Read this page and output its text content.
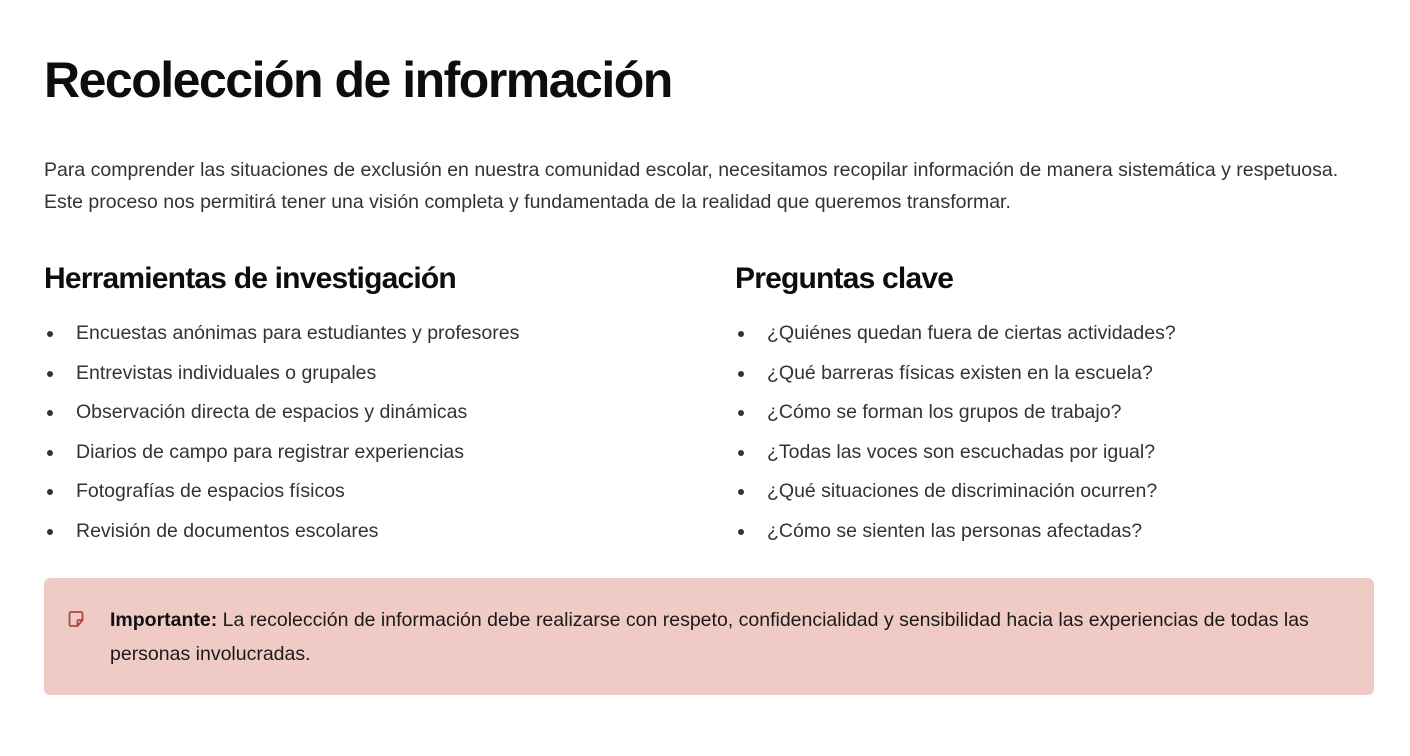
Recolección de información

Para comprender las situaciones de exclusión en nuestra comunidad escolar, necesitamos recopilar información de manera sistemática y respetuosa. Este proceso nos permitirá tener una visión completa y fundamentada de la realidad que queremos transformar.

Herramientas de investigación
Encuestas anónimas para estudiantes y profesores
Entrevistas individuales o grupales
Observación directa de espacios y dinámicas
Diarios de campo para registrar experiencias
Fotografías de espacios físicos
Revisión de documentos escolares
Preguntas clave
¿Quiénes quedan fuera de ciertas actividades?
¿Qué barreras físicas existen en la escuela?
¿Cómo se forman los grupos de trabajo?
¿Todas las voces son escuchadas por igual?
¿Qué situaciones de discriminación ocurren?
¿Cómo se sienten las personas afectadas?

Importante: La recolección de información debe realizarse con respeto, confidencialidad y sensibilidad hacia las experiencias de todas las personas involucradas.
